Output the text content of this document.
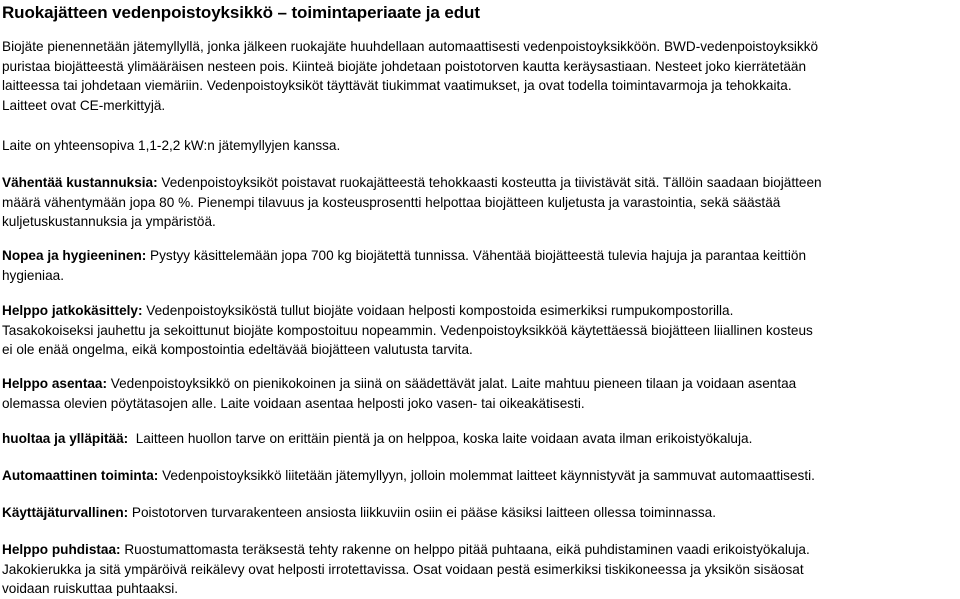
Ruokajätteen vedenpoistoyksikkö – toimintaperiaate ja edut
Biojäte pienennetään jätemyllyllä, jonka jälkeen ruokajäte huuhdellaan automaattisesti vedenpoistoyksikköön. BWD-vedenpoistoyksikkö
puristaa biojätteestä ylimääräisen nesteen pois. Kiinteä biojäte johdetaan poistotorven kautta keräysastiaan. Nesteet joko kierrätetään
laitteessa tai johdetaan viemäriin. Vedenpoistoyksiköt täyttävät tiukimmat vaatimukset, ja ovat todella toimintavarmoja ja tehokkaita.
Laitteet ovat CE-merkittyjä.
Laite on yhteensopiva 1,1-2,2 kW:n jätemyllyjen kanssa.
Vähentää kustannuksia: Vedenpoistoyksiköt poistavat ruokajätteestä tehokkaasti kosteutta ja tiivistävät sitä. Tällöin saadaan biojätteen
määrä vähentymään jopa 80 %. Pienempi tilavuus ja kosteusprosentti helpottaa biojätteen kuljetusta ja varastointia, sekä säästää
kuljetuskustannuksia ja ympäristöä.
Nopea ja hygieeninen: Pystyy käsittelemään jopa 700 kg biojätettä tunnissa. Vähentää biojätteestä tulevia hajuja ja parantaa keittiön
hygieniaa.
Helppo jatkokäsittely: Vedenpoistoyksiköstä tullut biojäte voidaan helposti kompostoida esimerkiksi rumpukompostorilla.
Tasakokoiseksi jauhettu ja sekoittunut biojäte kompostoituu nopeammin. Vedenpoistoyksikköä käytettäessä biojätteen liiallinen kosteus
ei ole enää ongelma, eikä kompostointia edeltävää biojätteen valutusta tarvita.
Helppo asentaa: Vedenpoistoyksikkö on pienikokoinen ja siinä on säädettävät jalat. Laite mahtuu pieneen tilaan ja voidaan asentaa
olemassa olevien pöytätasojen alle. Laite voidaan asentaa helposti joko vasen- tai oikeakätisesti.
huoltaa ja ylläpitää:  Laitteen huollon tarve on erittäin pientä ja on helppoa, koska laite voidaan avata ilman erikoistyökaluja.
Automaattinen toiminta: Vedenpoistoyksikkö liitetään jätemyllyyn, jolloin molemmat laitteet käynnistyvät ja sammuvat automaattisesti.
Käyttäjäturvallinen: Poistotorven turvarakenteen ansiosta liikkuviin osiin ei pääse käsiksi laitteen ollessa toiminnassa.
Helppo puhdistaa: Ruostumattomasta teräksestä tehty rakenne on helppo pitää puhtaana, eikä puhdistaminen vaadi erikoistyökaluja.
Jakokierukka ja sitä ympäröivä reikälevy ovat helposti irrotettavissa. Osat voidaan pestä esimerkiksi tiskikoneessa ja yksikön sisäosat
voidaan ruiskuttaa puhtaaksi.
